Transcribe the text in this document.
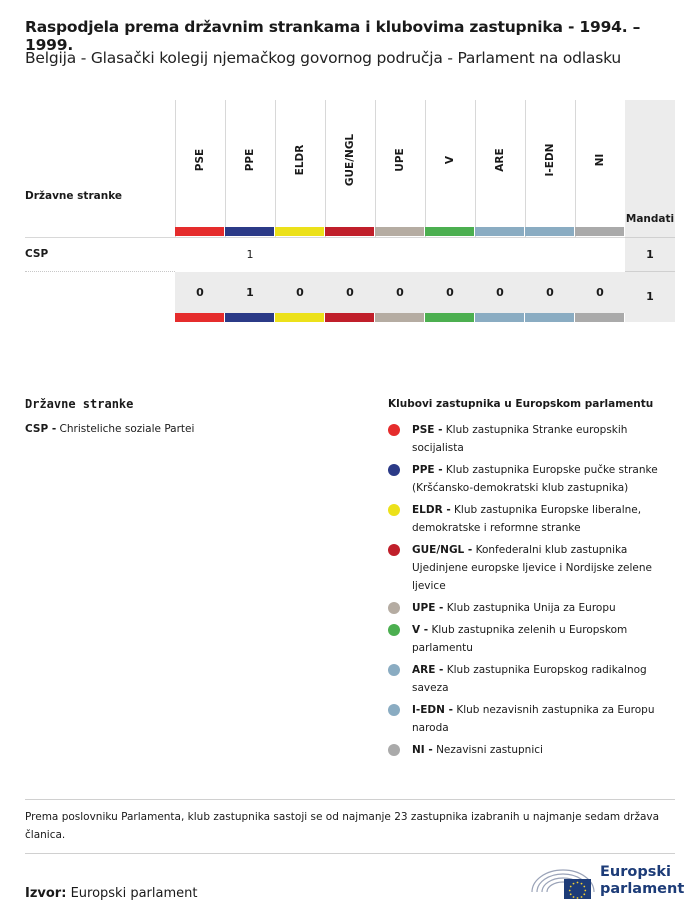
Raspodjela prema državnim strankama i klubovima zastupnika - 1994. – 1999.
Belgija - Glasački kolegij njemačkog govornog područja - Parlament na odlasku
Državne stranke
CSP
PSE
0
PPE
1
1
ELDR
0
GUE/NGL
0
UPE
0
V
0
ARE
0
I-EDN
0
NI
0
Mandati
1
1
Državne stranke
CSP - Christeliche soziale Partei
Klubovi zastupnika u Europskom parlamentu
PSE - Klub zastupnika Stranke europskih socijalista
PPE - Klub zastupnika Europske pučke stranke (Kršćansko-demokratski klub zastupnika)
ELDR - Klub zastupnika Europske liberalne, demokratske i reformne stranke
GUE/NGL - Konfederalni klub zastupnika Ujedinjene europske ljevice i Nordijske zelene ljevice
UPE - Klub zastupnika Unija za Europu
V - Klub zastupnika zelenih u Europskom parlamentu
ARE - Klub zastupnika Europskog radikalnog saveza
I-EDN - Klub nezavisnih zastupnika za Europu naroda
NI - Nezavisni zastupnici
Prema poslovniku Parlamenta, klub zastupnika sastoji se od najmanje 23 zastupnika izabranih u najmanje sedam država članica.
Izvor: Europski parlament
Europski
parlament
